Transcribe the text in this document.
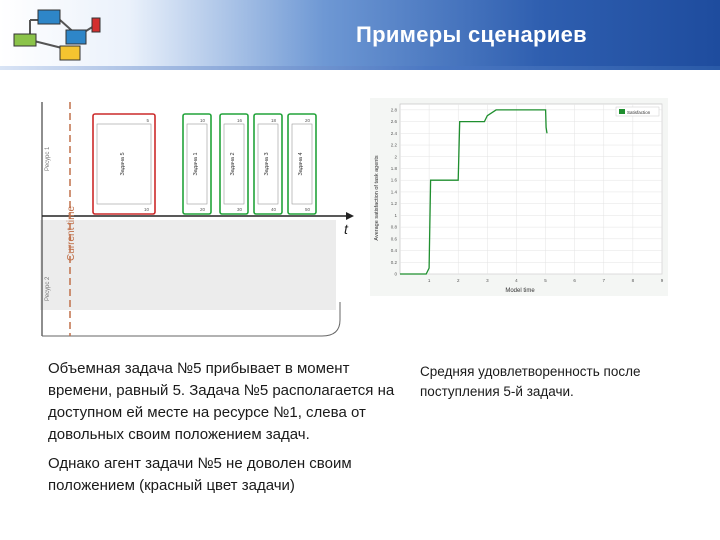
Примеры сценариев
t
Ресурс 1
Ресурс 2
Current time
Задача 5
5
10
Задача 1
10
20
Задача 2
16
30
Задача 3
18
40
Задача 4
20
50
0
0.2
0.4
0.6
0.8
1
1.2
1.4
1.6
1.8
2
2.2
2.4
2.6
2.8
1	2	3	4	5	6	7	8	9
Model time
Average satisfaction of task agents
Satisfaction

Объемная задача №5 прибывает в момент времени, равный 5. Задача №5 располагается на доступном ей месте на ресурсе №1, слева от довольных своим положением задач.

Однако агент задачи №5 не доволен своим положением (красный цвет задачи)

Средняя удовлетворенность после поступления 5-й задачи.
